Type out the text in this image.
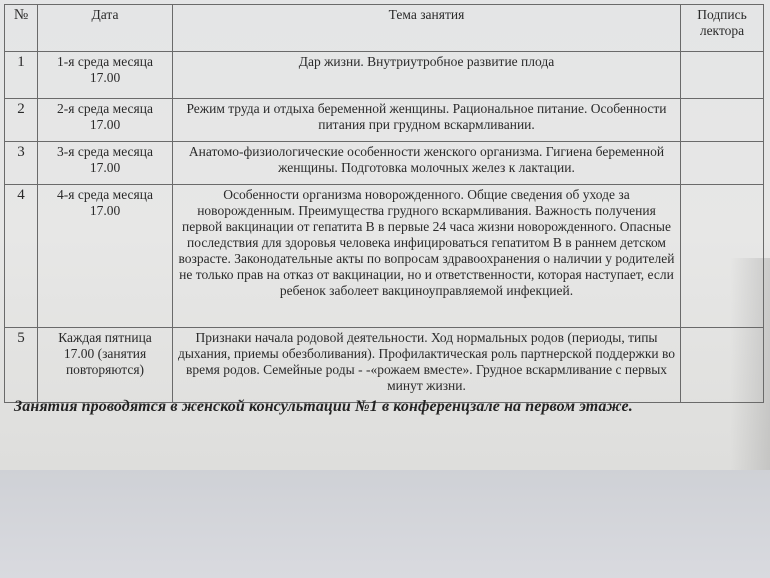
№	Дата	Тема занятия	Подпись лектора
1	1-я среда месяца 17.00	Дар жизни. Внутриутробное развитие плода	
2	2-я среда месяца 17.00	Режим труда и отдыха беременной женщины. Рациональное питание. Особенности питания при грудном вскармливании.	
3	3-я среда месяца 17.00	Анатомо-физиологические особенности женского организма. Гигиена беременной женщины. Подготовка молочных желез к лактации.	
4	4-я среда месяца 17.00	Особенности организма новорожденного. Общие сведения об уходе за новорожденным. Преимущества грудного вскармливания. Важность получения первой вакцинации от гепатита В в первые 24 часа жизни новорожденного. Опасные последствия для здоровья человека инфицироваться гепатитом В в раннем детском возрасте. Законодательные акты по вопросам здравоохранения о наличии у родителей не только прав на отказ от вакцинации, но и ответственности, которая наступает, если ребенок заболеет вакциноуправляемой инфекцией.	
5	Каждая пятница 17.00 (занятия повторяются)	Признаки начала родовой деятельности. Ход нормальных родов (периоды, типы дыхания, приемы обезболивания). Профилактическая роль партнерской поддержки во время родов. Семейные роды - -«рожаем вместе». Грудное вскармливание с первых минут жизни.	
Занятия проводятся в женской консультации №1 в конференцзале на первом этаже.
